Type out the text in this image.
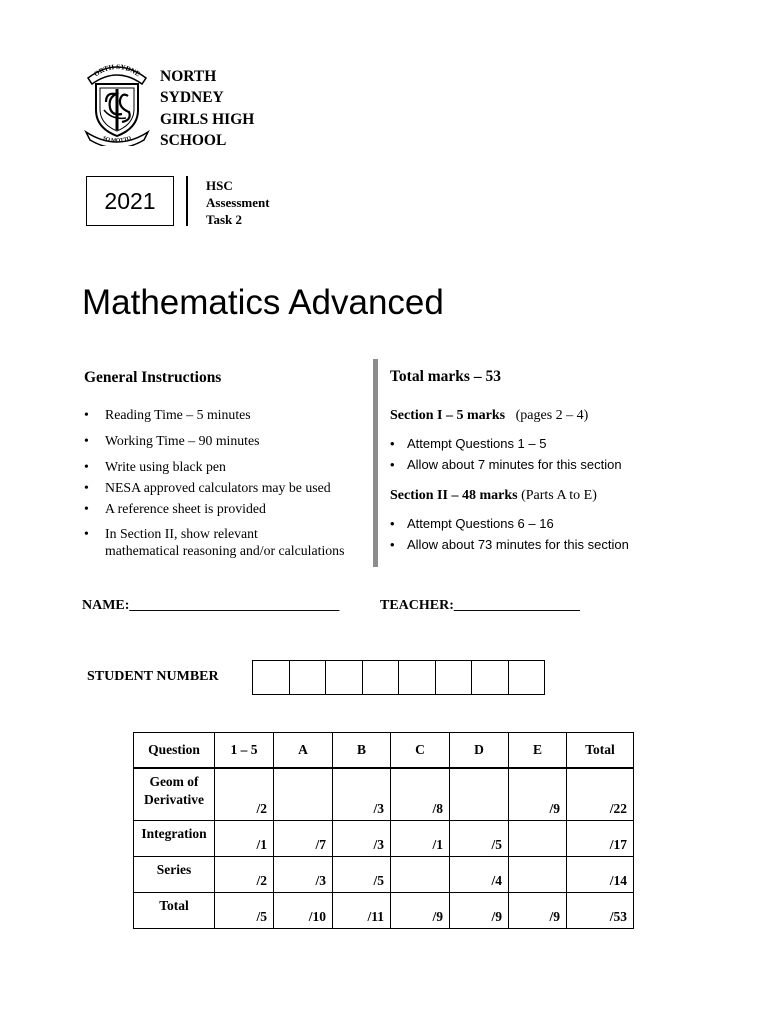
ORTH SYDNE
SO MOTTO
NORTH
SYDNEY
GIRLS HIGH
SCHOOL
2021
HSC
Assessment
Task 2
Mathematics Advanced
General Instructions
• Reading Time – 5 minutes
• Working Time – 90 minutes
• Write using black pen
• NESA approved calculators may be used
• A reference sheet is provided
• In Section II, show relevant
mathematical reasoning and/or calculations
Total marks – 53
Section I – 5 marks (pages 2 – 4)
• Attempt Questions 1 – 5
• Allow about 7 minutes for this section
Section II – 48 marks (Parts A to E)
• Attempt Questions 6 – 16
• Allow about 73 minutes for this section
NAME:______________________________	TEACHER:__________________
STUDENT NUMBER
Question	1 – 5	A	B	C	D	E	Total

Geom of
Derivative	/2		/3	/8		/9	/22

Integration	/1	/7	/3	/1	/5		/17

Series	/2	/3	/5		/4		/14

Total	/5	/10	/11	/9	/9	/9	/53
